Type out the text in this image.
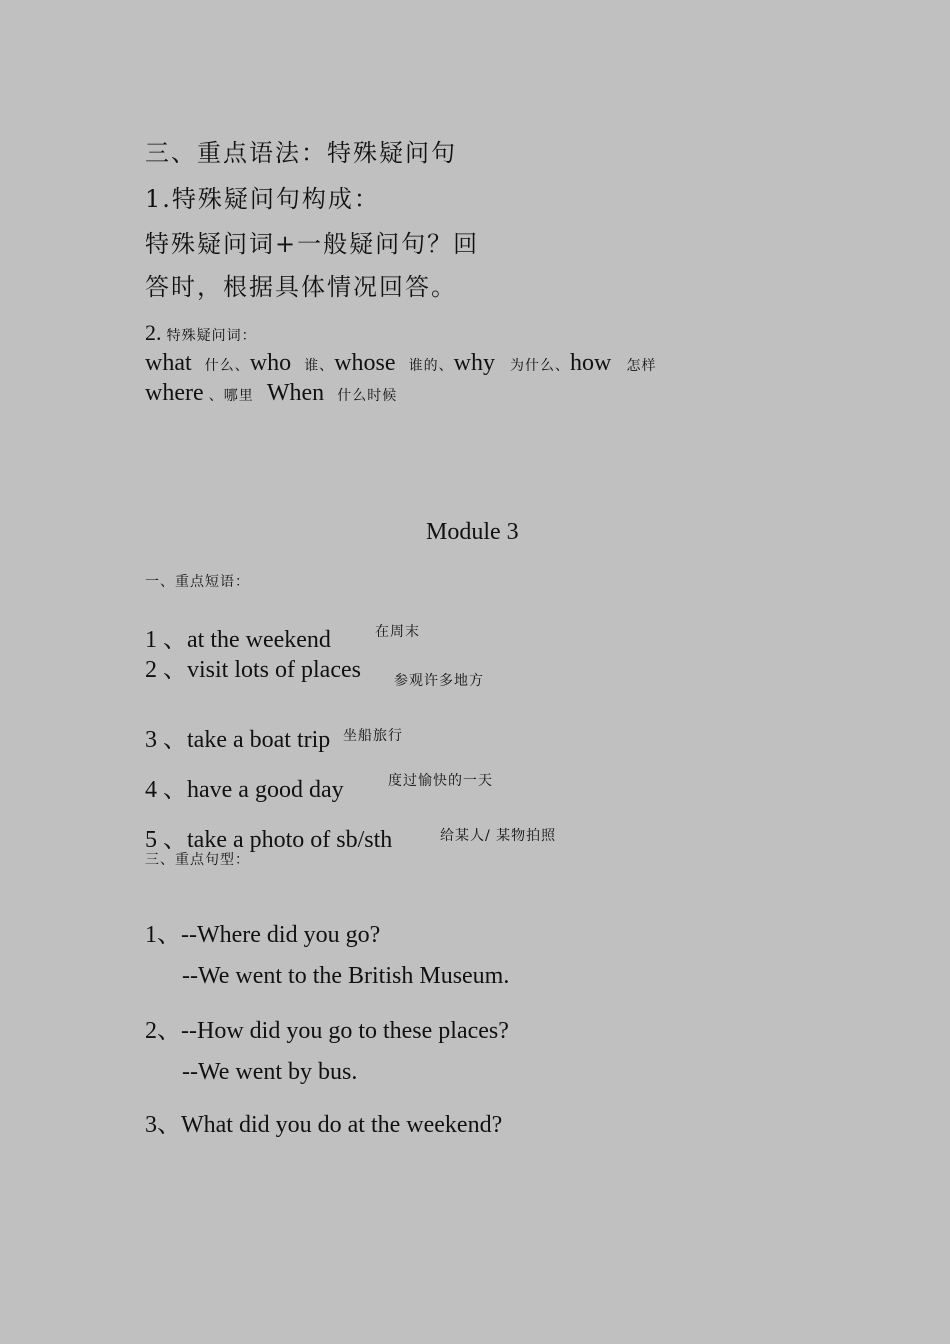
三、重点语法：特殊疑问句
1.特殊疑问句构成：
特殊疑问词+一般疑问句？回
答时，根据具体情况回答。
2. 特殊疑问词：
what 什么、who 谁、whose 谁的、why 为什么、how 怎样
where 、哪里 When 什么时候
Module 3
一、重点短语：
1 、at the weekend	在周末
2 、visit lots of places 参观许多地方
3 、take a boat trip 坐船旅行
4 、have a good day	度过愉快的一天
5 、take a photo of sb/sth	给某人/ 某物拍照
三、重点句型：
1、--Where did you go?
--We went to the British Museum.
2、--How did you go to these places?
--We went by bus.
3、What did you do at the weekend?
